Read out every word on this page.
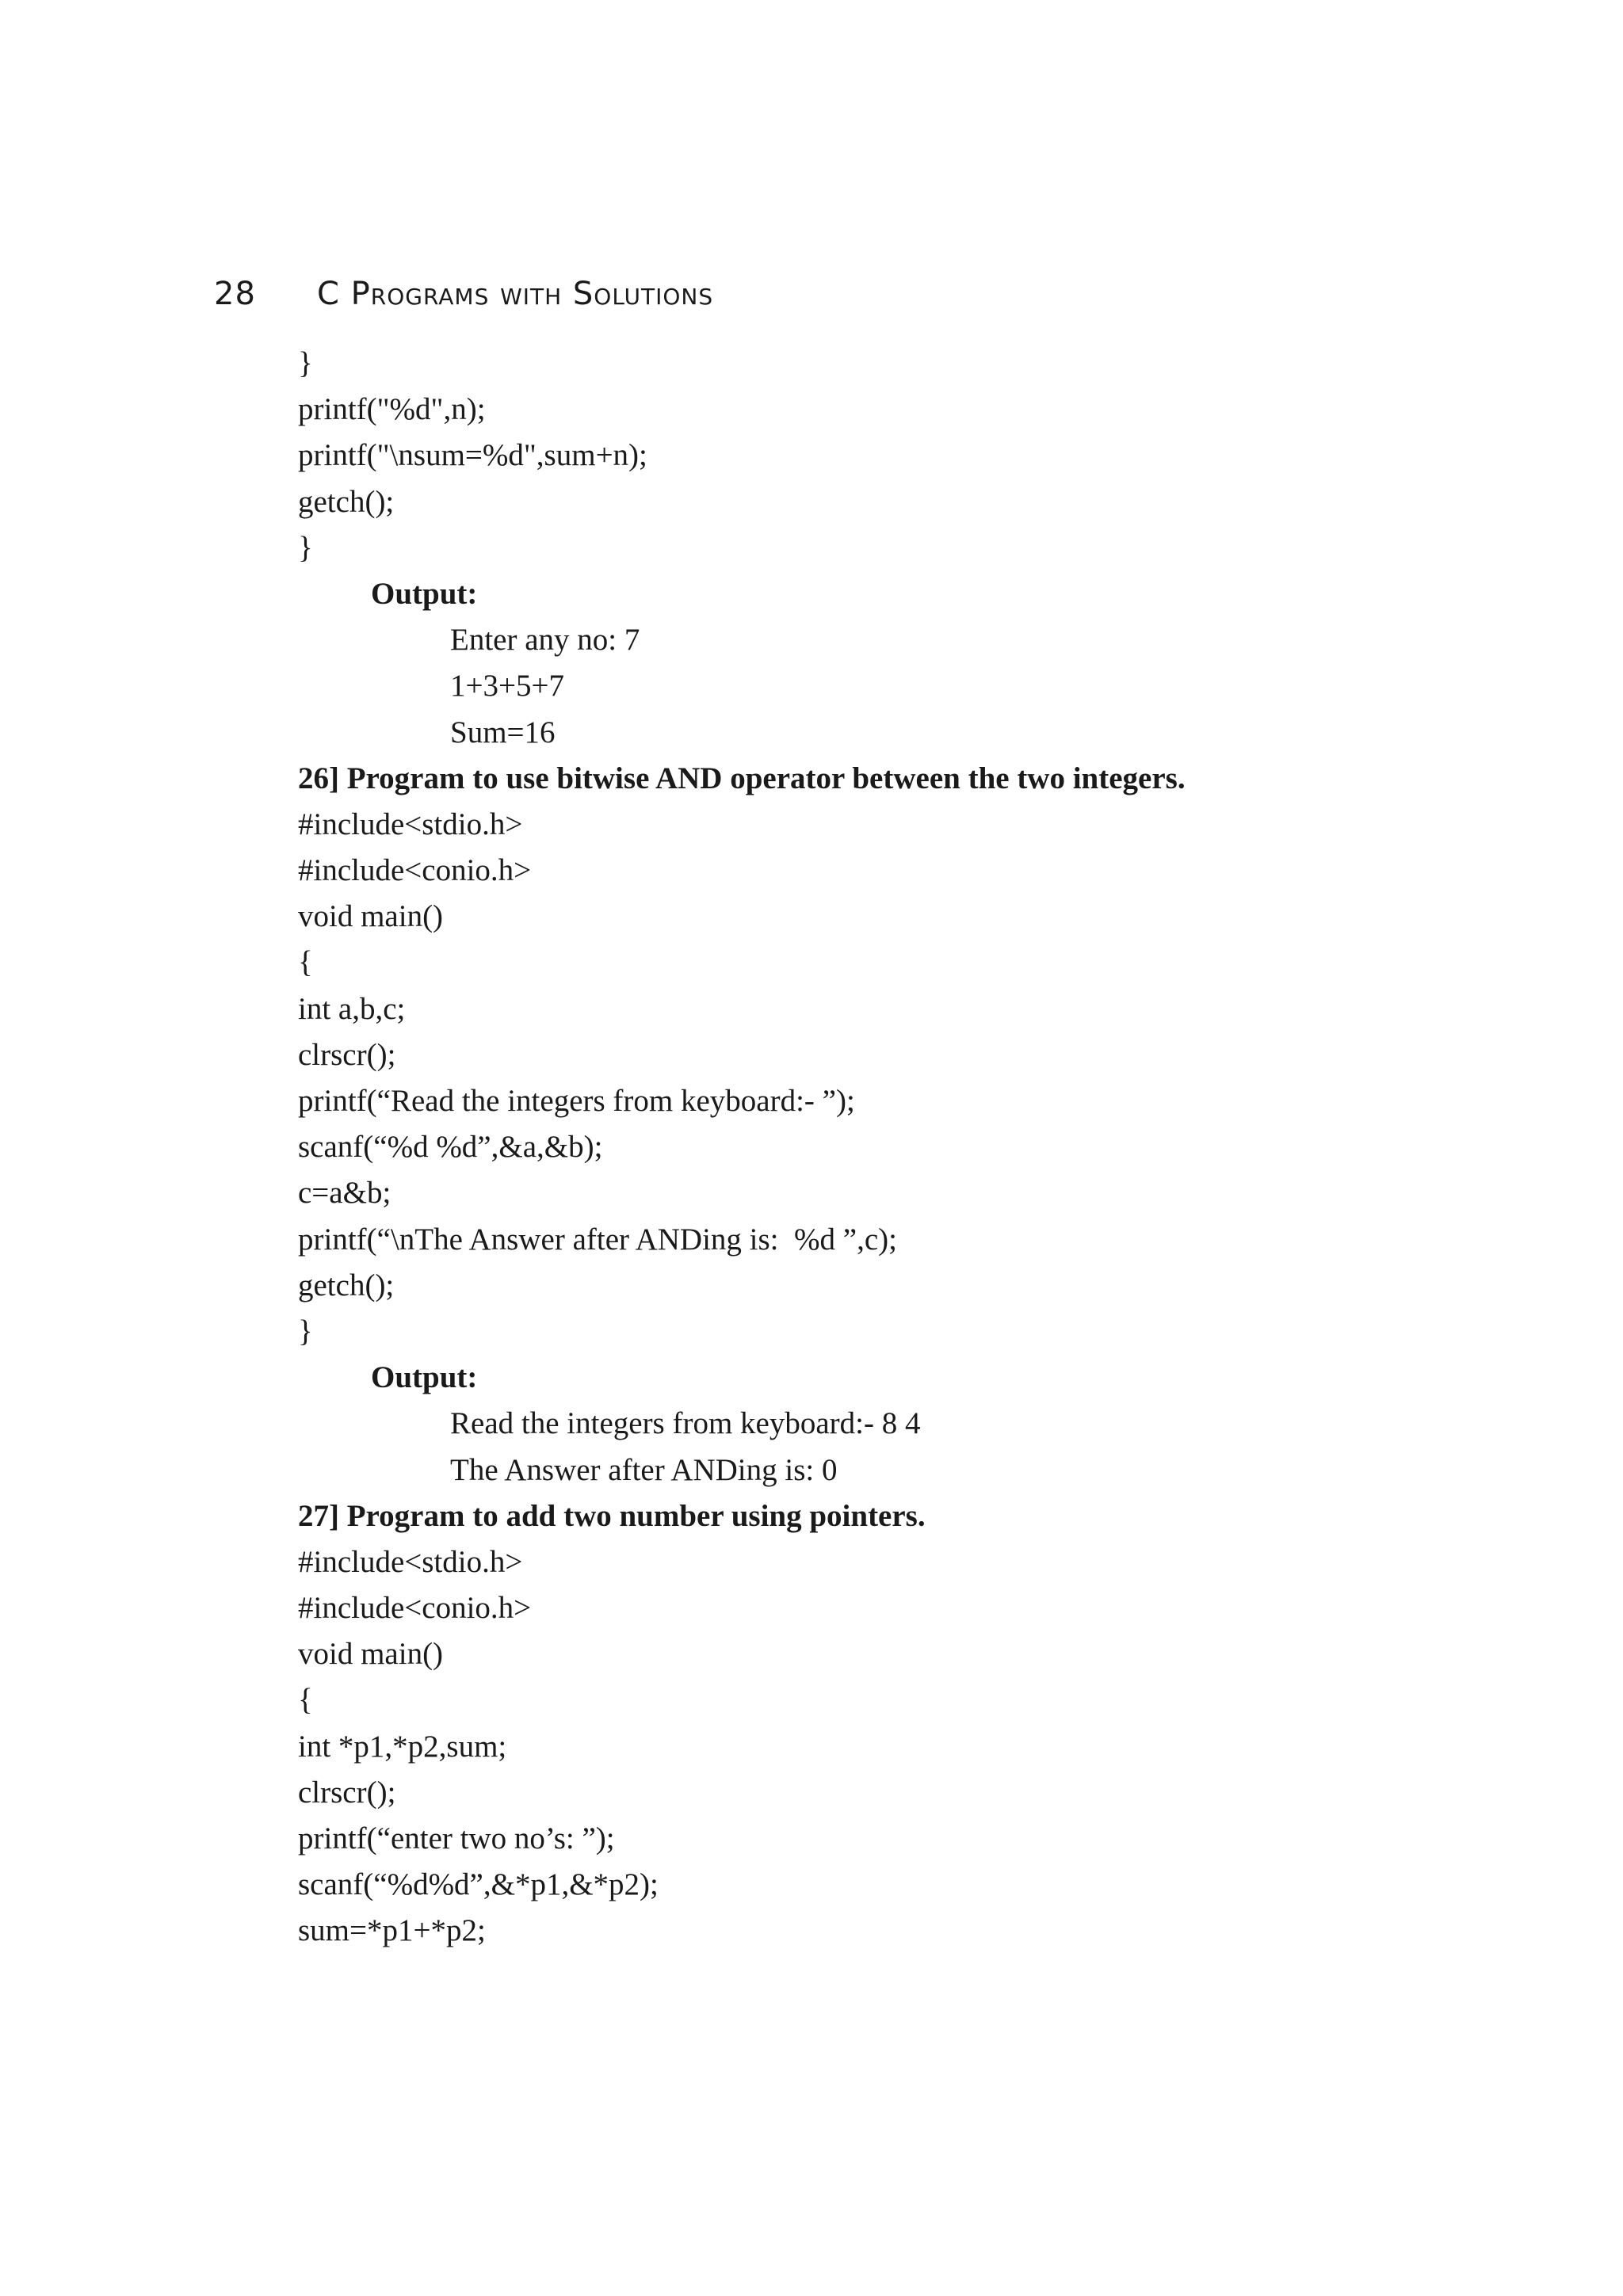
28	C Programs with Solutions
}
printf("%d",n);
printf("\nsum=%d",sum+n);
getch();
}
Output:
Enter any no: 7
1+3+5+7
Sum=16
26] Program to use bitwise AND operator between the two integers.
#include<stdio.h>
#include<conio.h>
void main()
{
int a,b,c;
clrscr();
printf(“Read the integers from keyboard:- ”);
scanf(“%d %d”,&a,&b);
c=a&b;
printf(“\nThe Answer after ANDing is:  %d ”,c);
getch();
}
Output:
Read the integers from keyboard:- 8 4
The Answer after ANDing is: 0
27] Program to add two number using pointers.
#include<stdio.h>
#include<conio.h>
void main()
{
int *p1,*p2,sum;
clrscr();
printf(“enter two no’s: ”);
scanf(“%d%d”,&*p1,&*p2);
sum=*p1+*p2;
